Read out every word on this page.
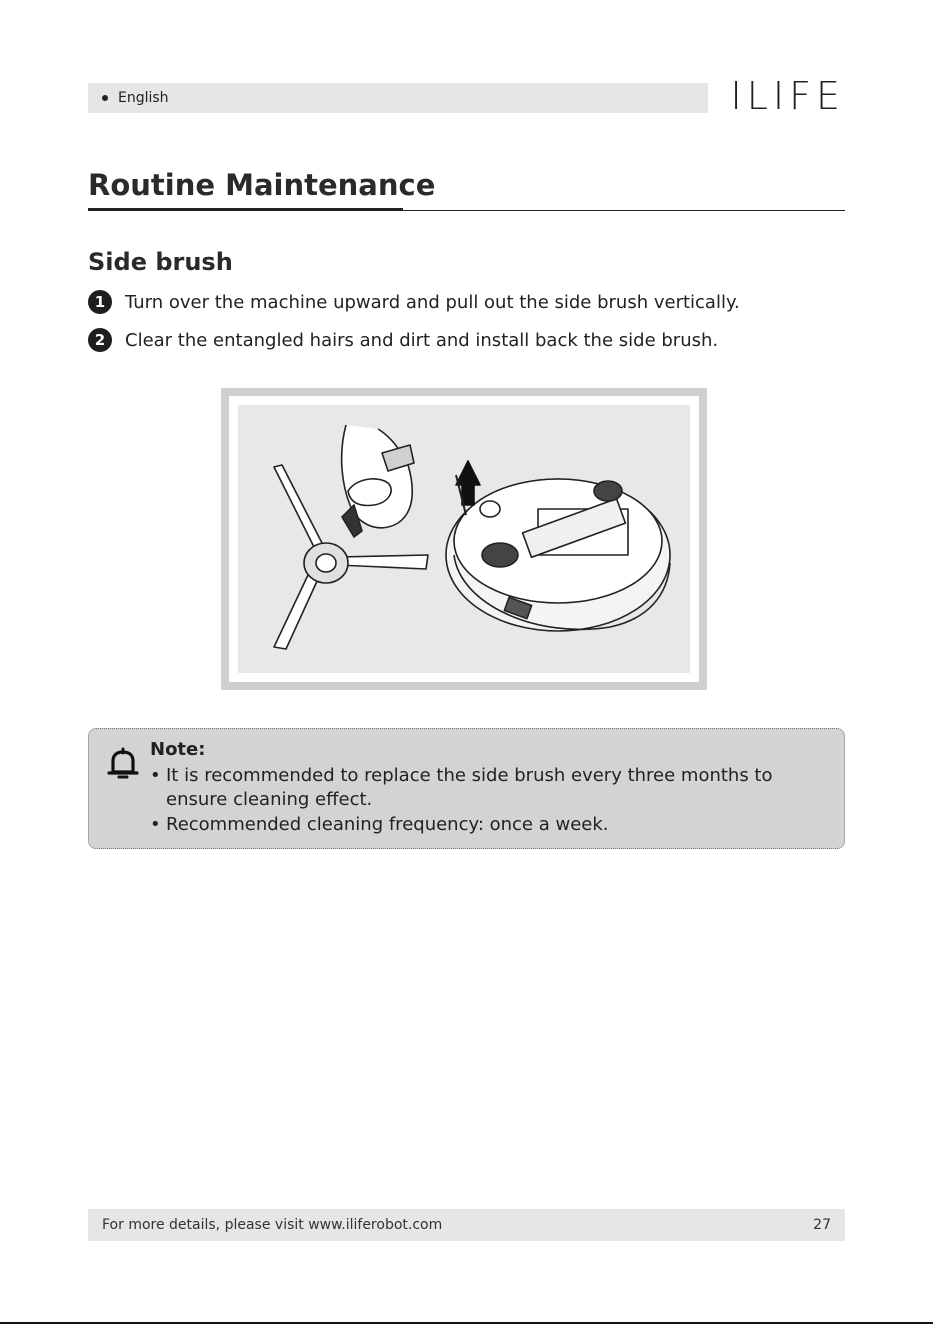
English	ILIFE
Routine Maintenance
Side brush
1	Turn over the machine upward and pull out the side brush vertically.
2	Clear the entangled hairs and dirt and install back the side brush.
Note:
• It is recommended to replace the side brush every three months to
ensure cleaning effect.
• Recommended cleaning frequency: once a week.
For more details, please visit www.iliferobot.com	27
